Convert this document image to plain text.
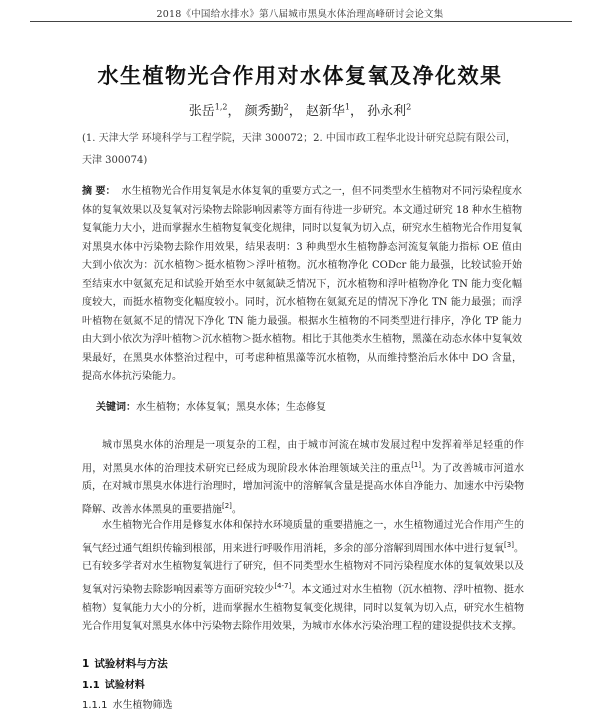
2018《中国给水排水》第八届城市黑臭水体治理高峰研讨会论文集
水生植物光合作用对水体复氧及净化效果
张岳$^{1,2}$， 颜秀勤$^2$， 赵新华$^1$， 孙永利$^2$
(1. 天津大学 环境科学与工程学院，天津 300072；2. 中国市政工程华北设计研究总院有限公司，天津 300074)
摘 要： 水生植物光合作用复氧是水体复氧的重要方式之一，但不同类型水生植物对不同污染程度水体的复氧效果以及复氧对污染物去除影响因素等方面有待进一步研究。本文通过研究 18 种水生植物复氧能力大小，进而掌握水生植物复氧变化规律，同时以复氧为切入点，研究水生植物光合作用复氧对黑臭水体中污染物去除作用效果，结果表明：3 种典型水生植物静态河流复氧能力指标 OE 值由大到小依次为：沉水植物＞挺水植物＞浮叶植物。沉水植物净化 CODcr 能力最强，比较试验开始至结束水中氨氮充足和试验开始至水中氨氮缺乏情况下，沉水植物和浮叶植物净化 TN 能力变化幅度较大，而挺水植物变化幅度较小。同时，沉水植物在氨氮充足的情况下净化 TN 能力最强；而浮叶植物在氨氮不足的情况下净化 TN 能力最强。根据水生植物的不同类型进行排序，净化 TP 能力由大到小依次为浮叶植物＞沉水植物＞挺水植物。相比于其他类水生植物，黑藻在动态水体中复氧效果最好，在黑臭水体整治过程中，可考虑种植黑藻等沉水植物，从而维持整治后水体中 DO 含量，提高水体抗污染能力。
关键词：水生植物；水体复氧；黑臭水体；生态修复

城市黑臭水体的治理是一项复杂的工程，由于城市河流在城市发展过程中发挥着举足轻重的作用，对黑臭水体的治理技术研究已经成为现阶段水体治理领域关注的重点[1]。为了改善城市河道水质，在对城市黑臭水体进行治理时，增加河流中的溶解氧含量是提高水体自净能力、加速水中污染物降解、改善水体黑臭的重要措施[2]。

水生植物光合作用是修复水体和保持水环境质量的重要措施之一，水生植物通过光合作用产生的氧气经过通气组织传输到根部，用来进行呼吸作用消耗，多余的部分溶解到周围水体中进行复氧[3]。已有较多学者对水生植物复氧进行了研究，但不同类型水生植物对不同污染程度水体的复氧效果以及复氧对污染物去除影响因素等方面研究较少[4-7]。本文通过对水生植物（沉水植物、浮叶植物、挺水植物）复氧能力大小的分析，进而掌握水生植物复氧变化规律，同时以复氧为切入点，研究水生植物光合作用复氧对黑臭水体中污染物去除作用效果，为城市水体水污染治理工程的建设提供技术支撑。

1 试验材料与方法
1.1 试验材料
1.1.1 水生植物筛选
